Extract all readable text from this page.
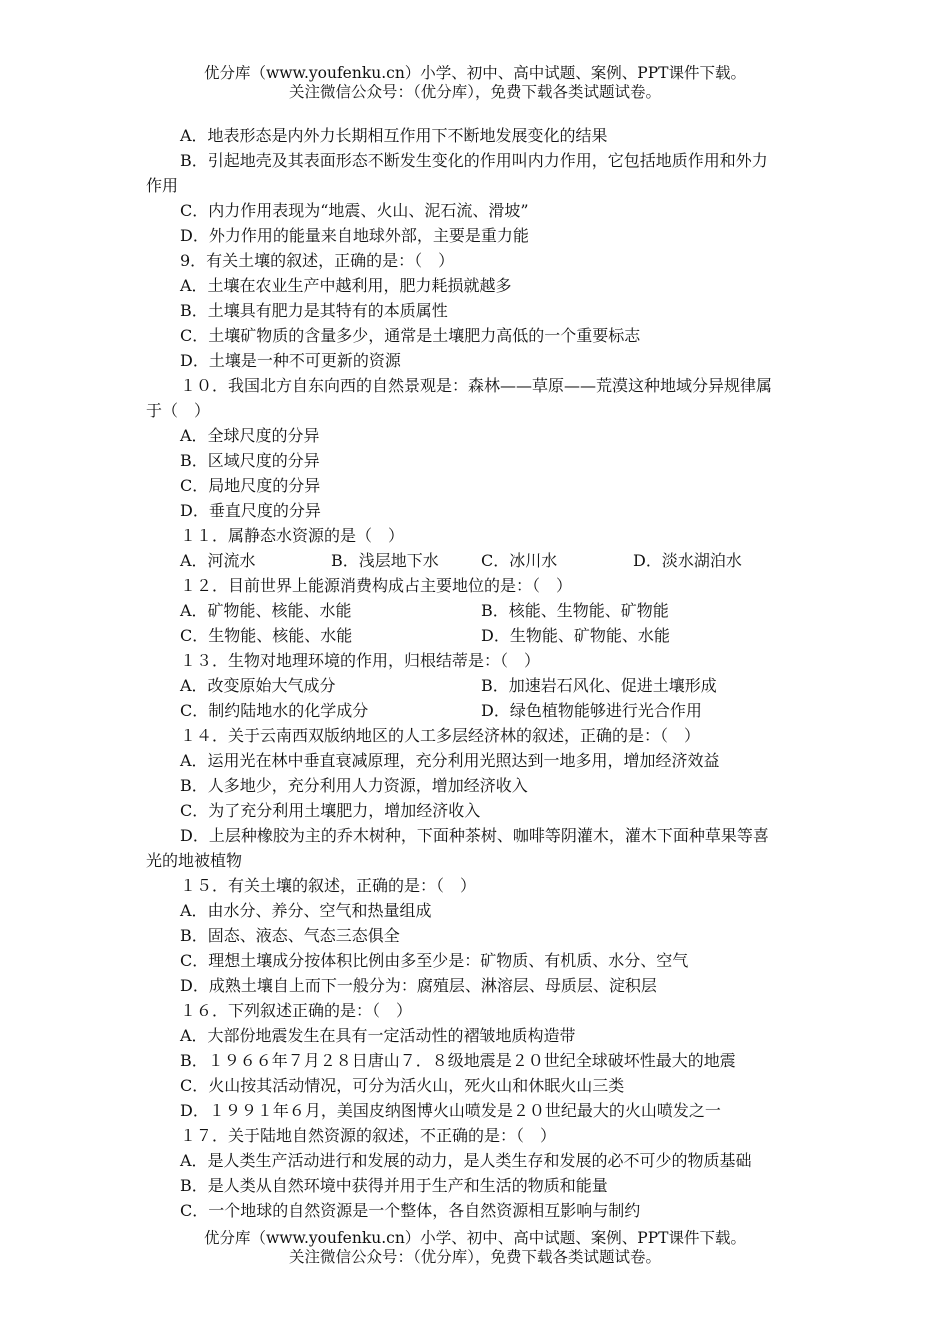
优分库（www.youfenku.cn）小学、初中、高中试题、案例、PPT课件下载。
关注微信公众号：（优分库），免费下载各类试题试卷。
A．地表形态是内外力长期相互作用下不断地发展变化的结果
B．引起地壳及其表面形态不断发生变化的作用叫内力作用，它包括地质作用和外力
作用
C．内力作用表现为“地震、火山、泥石流、滑坡”
D．外力作用的能量来自地球外部，主要是重力能
9．有关土壤的叙述，正确的是：（　）
A．土壤在农业生产中越利用，肥力耗损就越多
B．土壤具有肥力是其特有的本质属性
C．土壤矿物质的含量多少，通常是土壤肥力高低的一个重要标志
D．土壤是一种不可更新的资源
１０．我国北方自东向西的自然景观是：森林——草原——荒漠这种地域分异规律属
于（　）
A．全球尺度的分异
B．区域尺度的分异
C．局地尺度的分异
D．垂直尺度的分异
１１．属静态水资源的是（　）
A．河流水	B．浅层地下水	C．冰川水	D．淡水湖泊水
１２．目前世界上能源消费构成占主要地位的是：（　）
A．矿物能、核能、水能	B．核能、生物能、矿物能
C．生物能、核能、水能	D．生物能、矿物能、水能
１３．生物对地理环境的作用，归根结蒂是：（　）
A．改变原始大气成分	B．加速岩石风化、促进土壤形成
C．制约陆地水的化学成分	D．绿色植物能够进行光合作用
１４．关于云南西双版纳地区的人工多层经济林的叙述，正确的是：（　）
A．运用光在林中垂直衰减原理，充分利用光照达到一地多用，增加经济效益
B．人多地少，充分利用人力资源，增加经济收入
C．为了充分利用土壤肥力，增加经济收入
D．上层种橡胶为主的乔木树种，下面种茶树、咖啡等阴灌木，灌木下面种草果等喜
光的地被植物
１５．有关土壤的叙述，正确的是：（　）
A．由水分、养分、空气和热量组成
B．固态、液态、气态三态俱全
C．理想土壤成分按体积比例由多至少是：矿物质、有机质、水分、空气
D．成熟土壤自上而下一般分为：腐殖层、淋溶层、母质层、淀积层
１６．下列叙述正确的是：（　）
A．大部份地震发生在具有一定活动性的褶皱地质构造带
B．１９６６年７月２８日唐山７．８级地震是２０世纪全球破坏性最大的地震
C．火山按其活动情况，可分为活火山，死火山和休眠火山三类
D．１９９１年６月，美国皮纳图博火山喷发是２０世纪最大的火山喷发之一
１７．关于陆地自然资源的叙述，不正确的是：（　）
A．是人类生产活动进行和发展的动力，是人类生存和发展的必不可少的物质基础
B．是人类从自然环境中获得并用于生产和生活的物质和能量
C．一个地球的自然资源是一个整体，各自然资源相互影响与制约
优分库（www.youfenku.cn）小学、初中、高中试题、案例、PPT课件下载。
关注微信公众号：（优分库），免费下载各类试题试卷。
